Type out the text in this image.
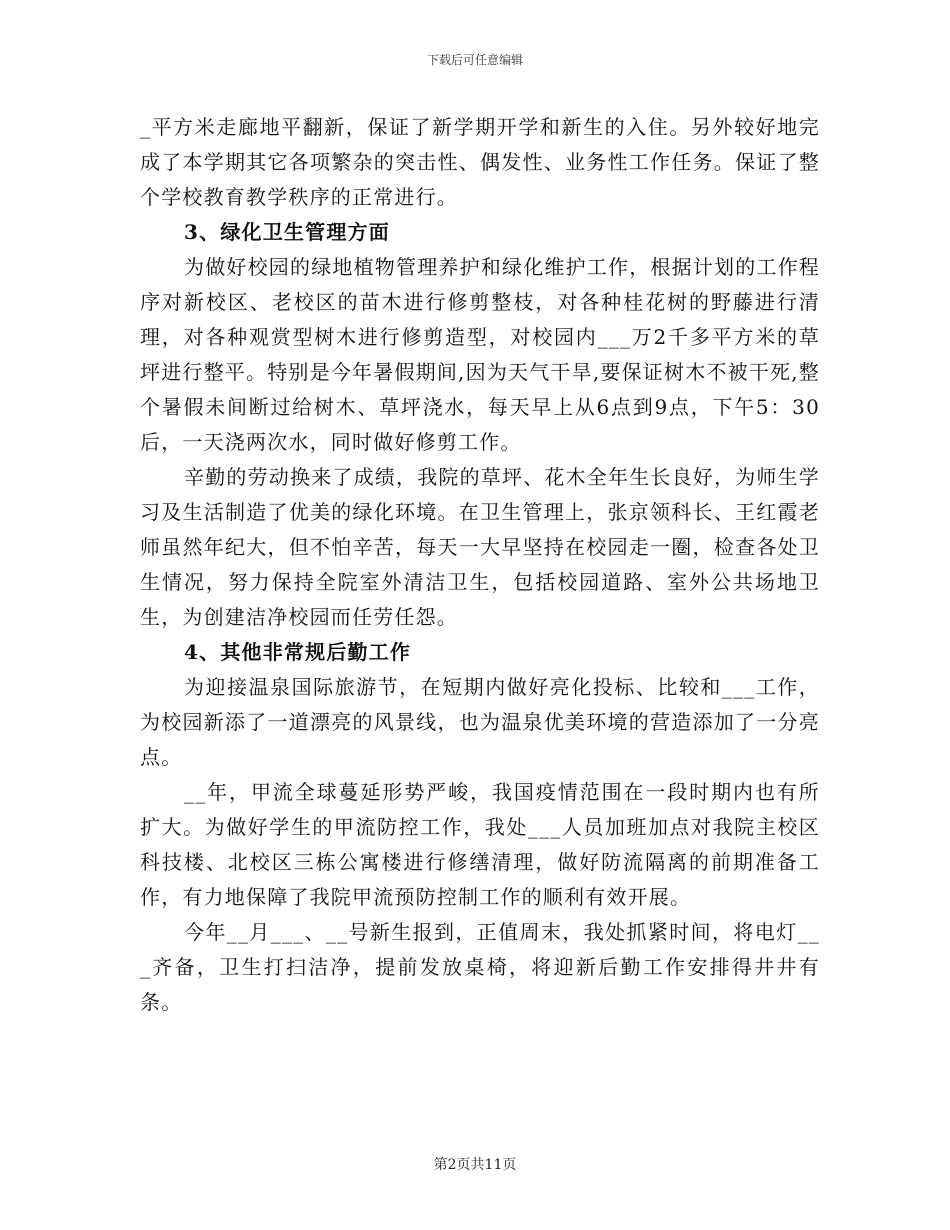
下载后可任意编辑

_平方米走廊地平翻新，保证了新学期开学和新生的入住。另外较好地完成了本学期其它各项繁杂的突击性、偶发性、业务性工作任务。保证了整个学校教育教学秩序的正常进行。

3、绿化卫生管理方面

为做好校园的绿地植物管理养护和绿化维护工作，根据计划的工作程序对新校区、老校区的苗木进行修剪整枝，对各种桂花树的野藤进行清理，对各种观赏型树木进行修剪造型，对校园内___万2千多平方米的草坪进行整平。特别是今年暑假期间,因为天气干旱,要保证树木不被干死,整个暑假未间断过给树木、草坪浇水，每天早上从6点到9点，下午5：30后，一天浇两次水，同时做好修剪工作。

辛勤的劳动换来了成绩，我院的草坪、花木全年生长良好，为师生学习及生活制造了优美的绿化环境。在卫生管理上，张京领科长、王红霞老师虽然年纪大，但不怕辛苦，每天一大早坚持在校园走一圈，检查各处卫生情况，努力保持全院室外清洁卫生，包括校园道路、室外公共场地卫生，为创建洁净校园而任劳任怨。

4、其他非常规后勤工作

为迎接温泉国际旅游节，在短期内做好亮化投标、比较和___工作，为校园新添了一道漂亮的风景线，也为温泉优美环境的营造添加了一分亮点。

__年，甲流全球蔓延形势严峻，我国疫情范围在一段时期内也有所扩大。为做好学生的甲流防控工作，我处___人员加班加点对我院主校区科技楼、北校区三栋公寓楼进行修缮清理，做好防流隔离的前期准备工作，有力地保障了我院甲流预防控制工作的顺利有效开展。

今年__月___、__号新生报到，正值周末，我处抓紧时间，将电灯___齐备，卫生打扫洁净，提前发放桌椅，将迎新后勤工作安排得井井有条。

第2页共11页
